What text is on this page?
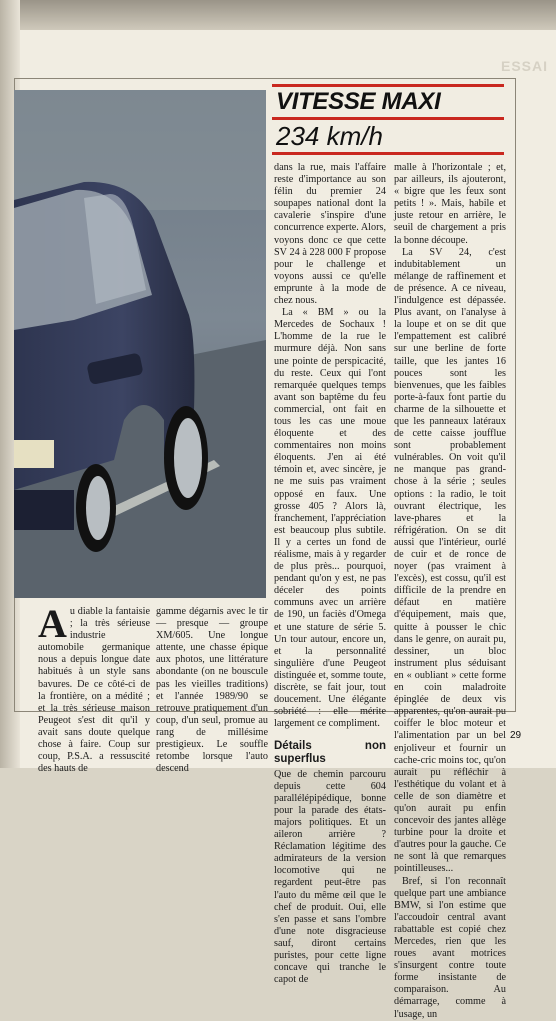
ESSAI
VITESSE MAXI
234 km/h

dans la rue, mais l'affaire reste d'importance au son félin du premier 24 soupapes national dont la cavalerie s'inspire d'une concurrence experte. Alors, voyons donc ce que cette SV 24 à 228 000 F propose pour le challenge et voyons aussi ce qu'elle emprunte à la mode de chez nous.

La « BM » ou la Mercedes de Sochaux ! L'homme de la rue le murmure déjà. Non sans une pointe de perspicacité, du reste. Ceux qui l'ont remarquée quelques temps avant son baptême du feu commercial, ont fait en tous les cas une moue éloquente et des commentaires non moins éloquents. J'en ai été témoin et, avec sincère, je ne me suis pas vraiment opposé en faux. Une grosse 405 ? Alors là, franchement, l'appréciation est beaucoup plus subtile. Il y a certes un fond de réalisme, mais à y regarder de plus près... pourquoi, pendant qu'on y est, ne pas déceler des points communs avec un arrière de 190, un faciès d'Omega et une stature de série 5. Un tour autour, encore un, et la personnalité singulière d'une Peugeot distinguée et, somme toute, discrète, se fait jour, tout doucement. Une élégante sobriété : elle mérite largement ce compliment.

Détails non superflus

Que de chemin parcouru depuis cette 604 parallélépipédique, bonne pour la parade des états-majors politiques. Et un aileron arrière ? Réclamation légitime des admirateurs de la version locomotive qui ne regardent peut-être pas l'auto du même œil que le chef de produit. Oui, elle s'en passe et sans l'ombre d'une note disgracieuse sauf, diront certains puristes, pour cette ligne concave qui tranche le capot de

malle à l'horizontale ; et, par ailleurs, ils ajouteront, « bigre que les feux sont petits ! ». Mais, habile et juste retour en arrière, le seuil de chargement a pris la bonne découpe.

La SV 24, c'est indubitablement un mélange de raffinement et de présence. A ce niveau, l'indulgence est dépassée. Plus avant, on l'analyse à la loupe et on se dit que l'empattement est calibré sur une berline de forte taille, que les jantes 16 pouces sont les bienvenues, que les faibles porte-à-faux font partie du charme de la silhouette et que les panneaux latéraux de cette caisse joufflue sont probablement vulnérables. On voit qu'il ne manque pas grand-chose à la série ; seules options : la radio, le toit ouvrant électrique, les lave-phares et la réfrigération. On se dit aussi que l'intérieur, ourlé de cuir et de ronce de noyer (pas vraiment à l'excès), est cossu, qu'il est difficile de la prendre en défaut en matière d'équipement, mais que, quitte à pousser le chic dans le genre, on aurait pu, dessiner, un bloc instrument plus séduisant en « oubliant » cette forme en coin maladroite épinglée de deux vis apparentes, qu'on aurait pu coiffer le bloc moteur et l'alimentation par un bel enjoliveur et fournir un cache-cric moins toc, qu'on aurait pu réfléchir à l'esthétique du volant et à celle de son diamètre et qu'on aurait pu enfin concevoir des jantes allège turbine pour la droite et d'autres pour la gauche. Ce ne sont là que remarques pointilleuses...

Bref, si l'on reconnaît quelque part une ambiance BMW, si l'on estime que l'accoudoir central avant rabattable est copié chez Mercedes, rien que les roues avant motrices s'insurgent contre toute forme insistante de comparaison. Au démarrage, comme à l'usage, un

A u diable la fantaisie ; la très sérieuse industrie automobile germanique nous a depuis longue date habitués à un style sans bavures. De ce côté-ci de la frontière, on a médité ; et la très sérieuse maison Peugeot s'est dit qu'il y avait sans doute quelque chose à faire. Coup sur coup, P.S.A. a ressuscité des hauts de

gamme dégarnis avec le tir — presque — groupe XM/605. Une longue attente, une chasse épique aux photos, une littérature abondante (on ne bouscule pas les vieilles traditions) et l'année 1989/90 se retrouve pratiquement d'un coup, d'un seul, promue au rang de millésime prestigieux. Le souffle retombe lorsque l'auto descend

29
